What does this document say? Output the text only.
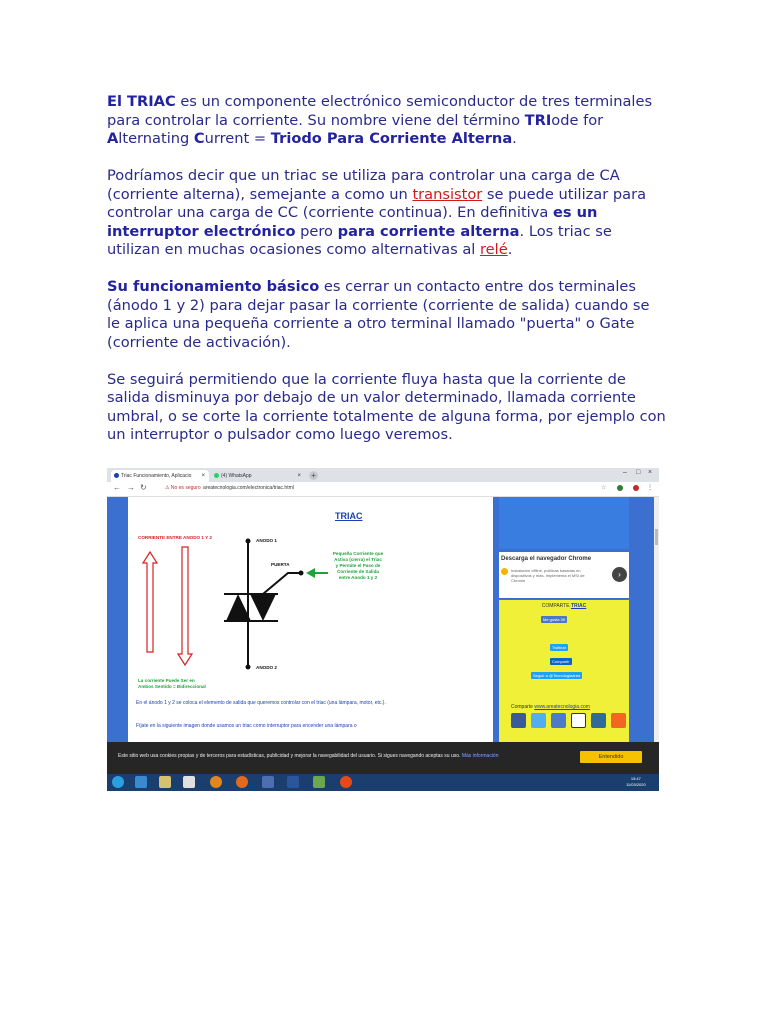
El TRIAC es un componente electrónico semiconductor de tres terminales para controlar la corriente. Su nombre viene del término TRIode for Alternating Current = Triodo Para Corriente Alterna.

Podríamos decir que un triac se utiliza para controlar una carga de CA (corriente alterna), semejante a como un transistor se puede utilizar para controlar una carga de CC (corriente continua). En definitiva es un interruptor electrónico pero para corriente alterna. Los triac se utilizan en muchas ocasiones como alternativas al relé.

Su funcionamiento básico es cerrar un contacto entre dos terminales (ánodo 1 y 2) para dejar pasar la corriente (corriente de salida) cuando se le aplica una pequeña corriente a otro terminal llamado "puerta" o Gate (corriente de activación).

Se seguirá permitiendo que la corriente fluya hasta que la corriente de salida disminuya por debajo de un valor determinado, llamada corriente umbral, o se corte la corriente totalmente de alguna forma, por ejemplo con un interruptor o pulsador como luego veremos.

Triac Funcionamiento, Aplicacio ×	(4) WhatsApp	× +	– □ ×
← → ↻	⚠ No es seguro areatecnologia.com/electronica/triac.html	☆	⋮
TRIAC
CORRIENTE ENTRE ANODO 1 Y 2
ANODO 1
PUERTA
ANODO 2
Pequeña Corriente que
Activa (cierra) el Triac
y Permite el Paso de
Corriente de Salida
entre Anodo 1 y 2
La corriente Puede Ser en
Ambos Sentido = Bidireccional
En el ánodo 1 y 2 se coloca el elemento de salida que queremos controlar con el triac (una lámpara, motor, etc.).
Fíjate en la siguiente imagen donde usamos un triac como interruptor para encender una lámpara o
Descarga el navegador Chrome
Instalación offline, políticas basadas en dispositivos y más. Implementa el MSI de Chrome
›
COMPARTE TRIAC
Me gusta 3K
Twittear
Compartir
Seguir a @Tecnologiaarea
Comparte www.areatecnologia.com
Este sitio web usa cookies propias y de terceros para estadísticas, publicidad y mejorar la navegabilidad del usuario. Si sigues navegando aceptas su uso. Más información	Entendido
15:47
11/03/2020
